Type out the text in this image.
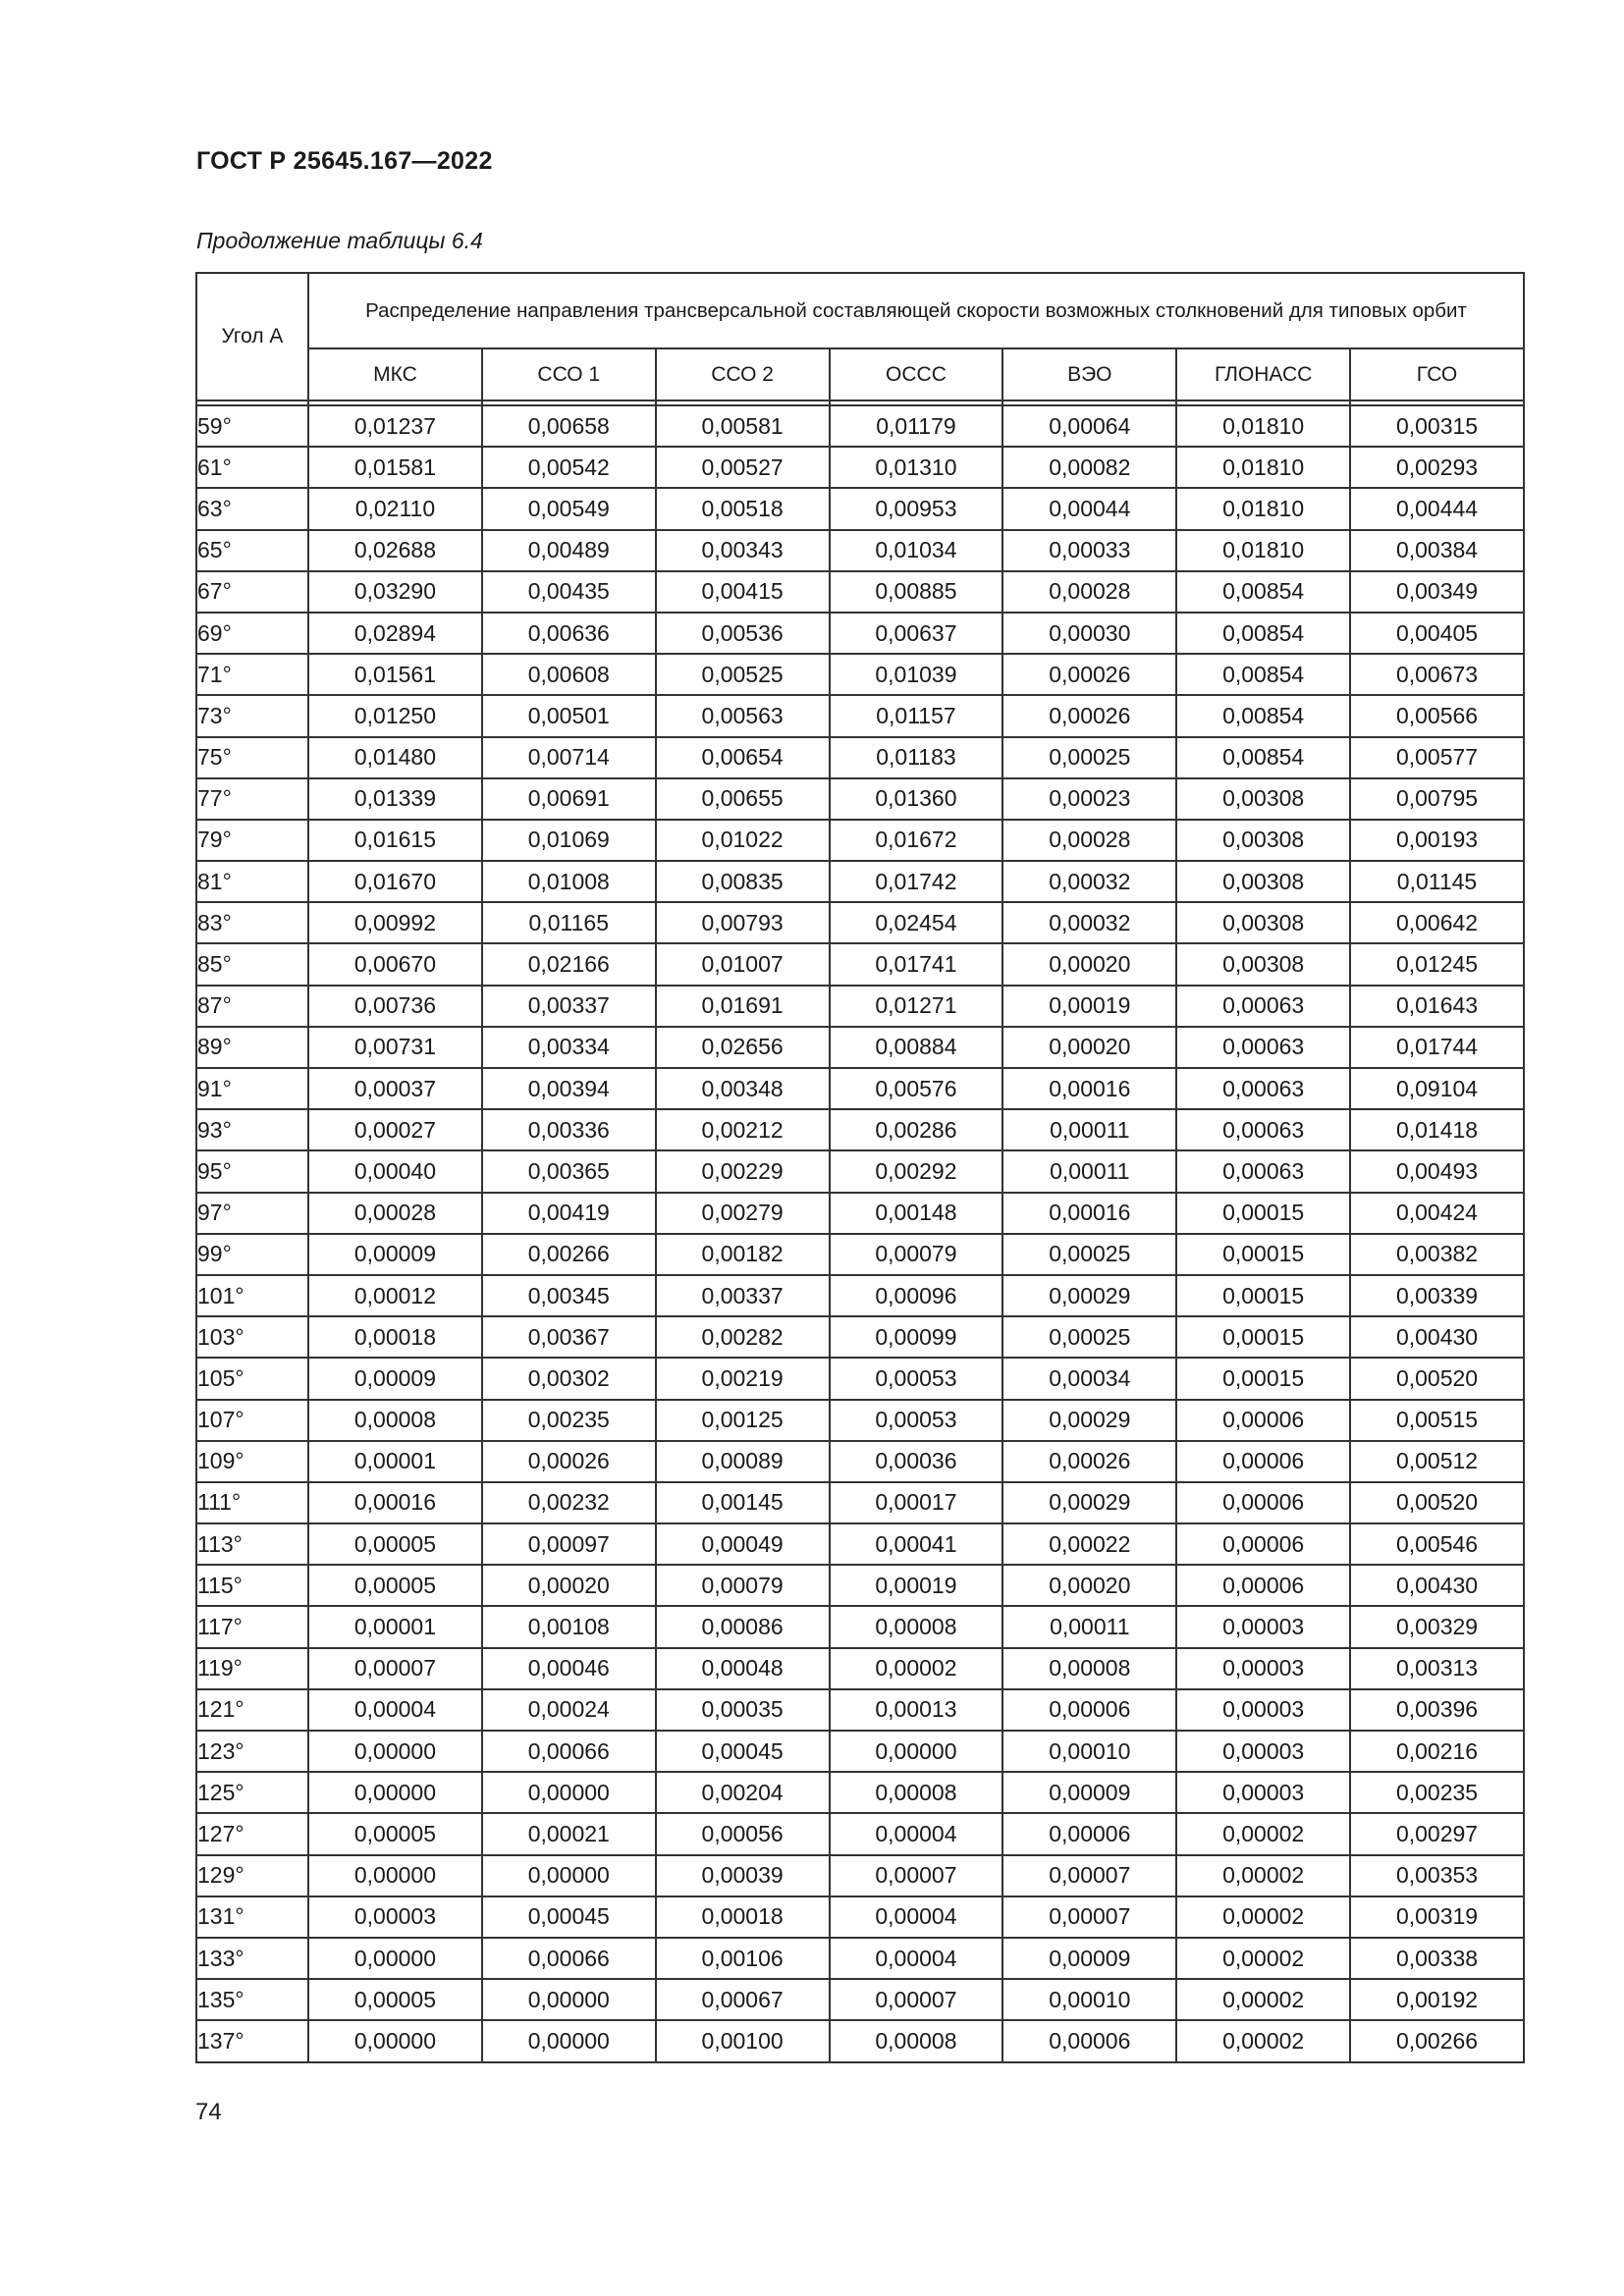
ГОСТ Р 25645.167—2022
Продолжение таблицы 6.4
Угол А	Распределение направления трансверсальной составляющей скорости возможных столкновений для типовых орбит						
	МКС	ССО 1	ССО 2	ОССС	ВЭО	ГЛОНАСС	ГСО

59°	0,01237	0,00658	0,00581	0,01179	0,00064	0,01810	0,00315
61°	0,01581	0,00542	0,00527	0,01310	0,00082	0,01810	0,00293
63°	0,02110	0,00549	0,00518	0,00953	0,00044	0,01810	0,00444
65°	0,02688	0,00489	0,00343	0,01034	0,00033	0,01810	0,00384
67°	0,03290	0,00435	0,00415	0,00885	0,00028	0,00854	0,00349
69°	0,02894	0,00636	0,00536	0,00637	0,00030	0,00854	0,00405
71°	0,01561	0,00608	0,00525	0,01039	0,00026	0,00854	0,00673
73°	0,01250	0,00501	0,00563	0,01157	0,00026	0,00854	0,00566
75°	0,01480	0,00714	0,00654	0,01183	0,00025	0,00854	0,00577
77°	0,01339	0,00691	0,00655	0,01360	0,00023	0,00308	0,00795
79°	0,01615	0,01069	0,01022	0,01672	0,00028	0,00308	0,00193
81°	0,01670	0,01008	0,00835	0,01742	0,00032	0,00308	0,01145
83°	0,00992	0,01165	0,00793	0,02454	0,00032	0,00308	0,00642
85°	0,00670	0,02166	0,01007	0,01741	0,00020	0,00308	0,01245
87°	0,00736	0,00337	0,01691	0,01271	0,00019	0,00063	0,01643
89°	0,00731	0,00334	0,02656	0,00884	0,00020	0,00063	0,01744
91°	0,00037	0,00394	0,00348	0,00576	0,00016	0,00063	0,09104
93°	0,00027	0,00336	0,00212	0,00286	0,00011	0,00063	0,01418
95°	0,00040	0,00365	0,00229	0,00292	0,00011	0,00063	0,00493
97°	0,00028	0,00419	0,00279	0,00148	0,00016	0,00015	0,00424
99°	0,00009	0,00266	0,00182	0,00079	0,00025	0,00015	0,00382
101°	0,00012	0,00345	0,00337	0,00096	0,00029	0,00015	0,00339
103°	0,00018	0,00367	0,00282	0,00099	0,00025	0,00015	0,00430
105°	0,00009	0,00302	0,00219	0,00053	0,00034	0,00015	0,00520
107°	0,00008	0,00235	0,00125	0,00053	0,00029	0,00006	0,00515
109°	0,00001	0,00026	0,00089	0,00036	0,00026	0,00006	0,00512
111°	0,00016	0,00232	0,00145	0,00017	0,00029	0,00006	0,00520
113°	0,00005	0,00097	0,00049	0,00041	0,00022	0,00006	0,00546
115°	0,00005	0,00020	0,00079	0,00019	0,00020	0,00006	0,00430
117°	0,00001	0,00108	0,00086	0,00008	0,00011	0,00003	0,00329
119°	0,00007	0,00046	0,00048	0,00002	0,00008	0,00003	0,00313
121°	0,00004	0,00024	0,00035	0,00013	0,00006	0,00003	0,00396
123°	0,00000	0,00066	0,00045	0,00000	0,00010	0,00003	0,00216
125°	0,00000	0,00000	0,00204	0,00008	0,00009	0,00003	0,00235
127°	0,00005	0,00021	0,00056	0,00004	0,00006	0,00002	0,00297
129°	0,00000	0,00000	0,00039	0,00007	0,00007	0,00002	0,00353
131°	0,00003	0,00045	0,00018	0,00004	0,00007	0,00002	0,00319
133°	0,00000	0,00066	0,00106	0,00004	0,00009	0,00002	0,00338
135°	0,00005	0,00000	0,00067	0,00007	0,00010	0,00002	0,00192
137°	0,00000	0,00000	0,00100	0,00008	0,00006	0,00002	0,00266
74
